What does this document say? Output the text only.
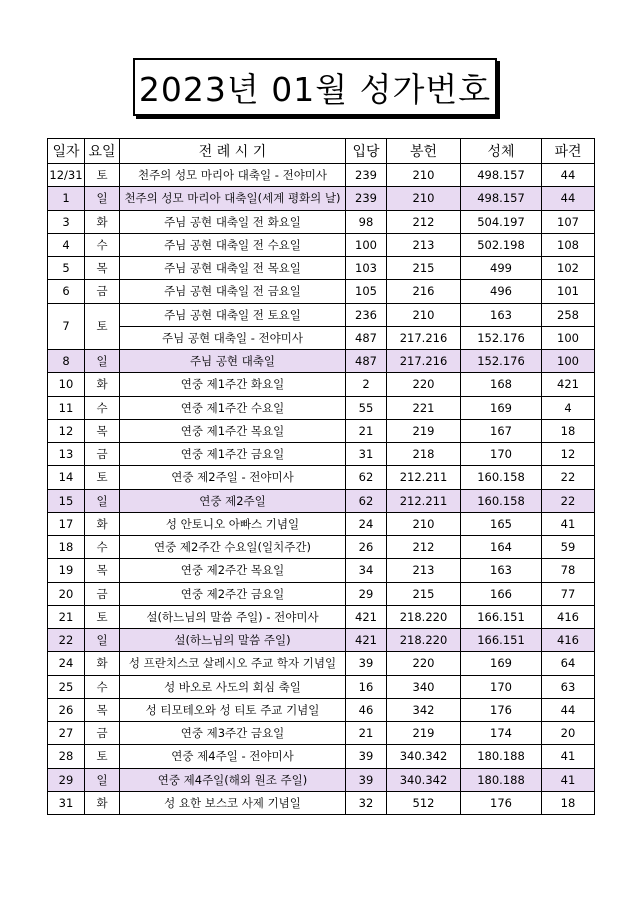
2023년 01월 성가번호
일자	요일	전 례 시 기	입당	봉헌	성체	파견
12/31	토	천주의 성모 마리아 대축일 - 전야미사	239	210	498.157	44
1	일	천주의 성모 마리아 대축일(세계 평화의 날)	239	210	498.157	44
3	화	주님 공현 대축일 전 화요일	98	212	504.197	107
4	수	주님 공현 대축일 전 수요일	100	213	502.198	108
5	목	주님 공현 대축일 전 목요일	103	215	499	102
6	금	주님 공현 대축일 전 금요일	105	216	496	101
7	토	주님 공현 대축일 전 토요일	236	210	163	258
		주님 공현 대축일 - 전야미사	487	217.216	152.176	100
8	일	주님 공현 대축일	487	217.216	152.176	100
10	화	연중 제1주간 화요일	2	220	168	421
11	수	연중 제1주간 수요일	55	221	169	4
12	목	연중 제1주간 목요일	21	219	167	18
13	금	연중 제1주간 금요일	31	218	170	12
14	토	연중 제2주일 - 전야미사	62	212.211	160.158	22
15	일	연중 제2주일	62	212.211	160.158	22
17	화	성 안토니오 아빠스 기념일	24	210	165	41
18	수	연중 제2주간 수요일(일치주간)	26	212	164	59
19	목	연중 제2주간 목요일	34	213	163	78
20	금	연중 제2주간 금요일	29	215	166	77
21	토	설(하느님의 말씀 주일) - 전야미사	421	218.220	166.151	416
22	일	설(하느님의 말씀 주일)	421	218.220	166.151	416
24	화	성 프란치스코 살레시오 주교 학자 기념일	39	220	169	64
25	수	성 바오로 사도의 회심 축일	16	340	170	63
26	목	성 티모테오와 성 티토 주교 기념일	46	342	176	44
27	금	연중 제3주간 금요일	21	219	174	20
28	토	연중 제4주일 - 전야미사	39	340.342	180.188	41
29	일	연중 제4주일(해외 원조 주일)	39	340.342	180.188	41
31	화	성 요한 보스코 사제 기념일	32	512	176	18
